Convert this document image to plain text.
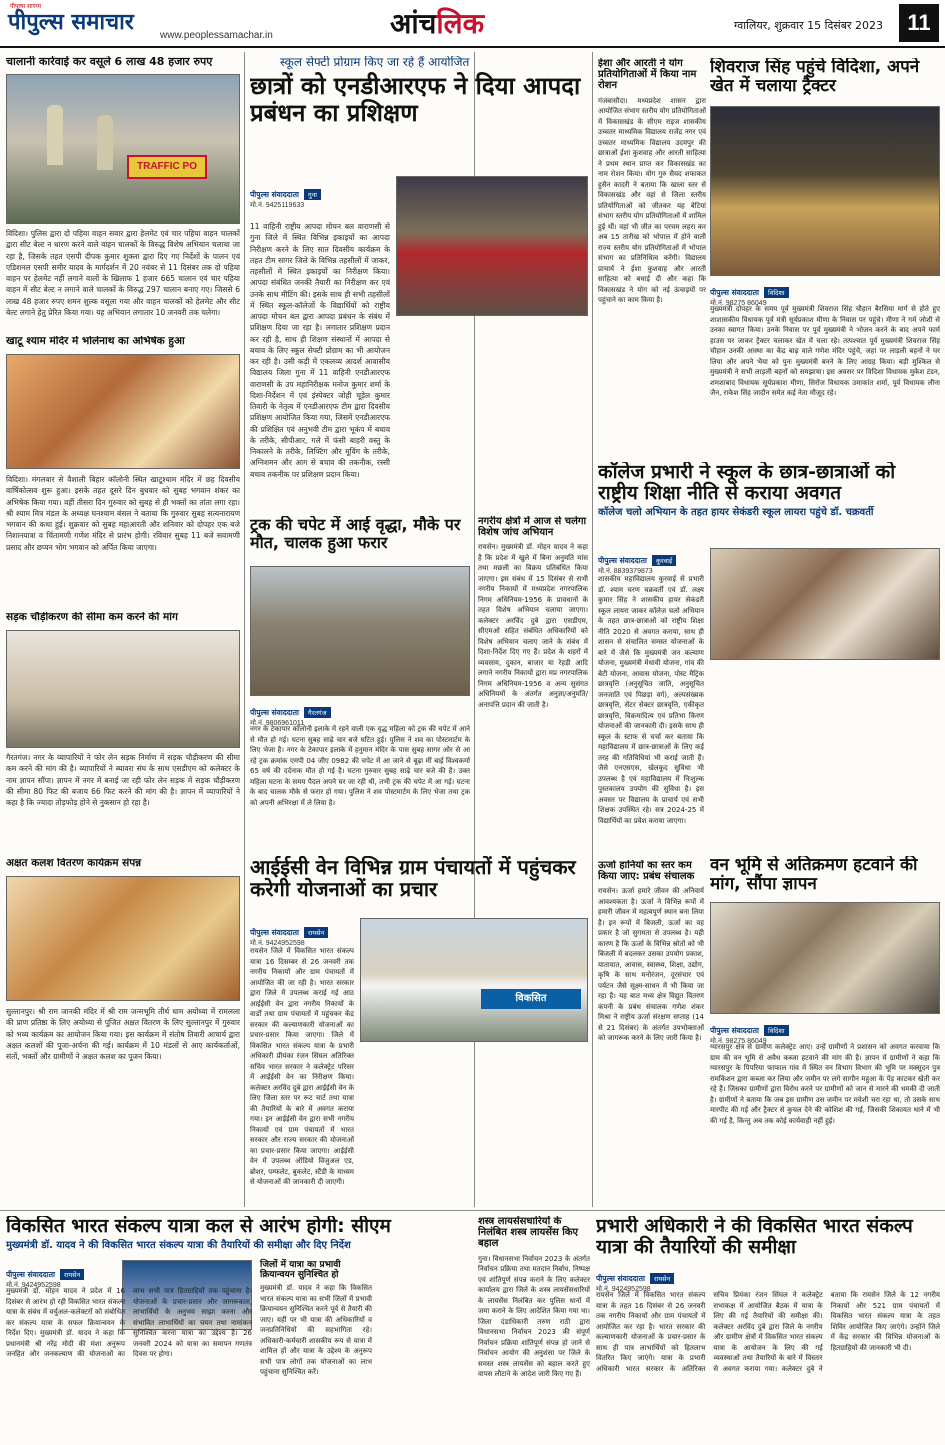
पीपुल्स सारथ्य
पीपुल्स समाचार
www.peoplessamachar.in	आंचलिक	ग्वालियर, शुक्रवार 15 दिसंबर 2023	11
चालानी कार्रवाई कर वसूले 6 लाख 48 हजार रुपए
TRAFFIC PO

विदिशा। पुलिस द्वारा दो पहिया वाहन सवार द्वारा हेलमेट एवं चार पहिया वाहन चालकों द्वारा सीट बेल्ट न धारण करने वाले वाहन चालकों के विरुद्ध विशेष अभियान चलाया जा रहा है, जिसके तहत एसपी दीपक कुमार शुक्ला द्वारा दिए गए निर्देशों के पालन एवं एडिशनल एसपी समीर यादव के मार्गदर्शन में 20 नवंबर से 11 दिसंबर तक दो पहिया वाहन पर हेलमेट नहीं लगाने वालों के खिलाफ 1 हजार 665 चालान एवं चार पहिया वाहन में सीट बेल्ट न लगाने वाले चालकों के विरुद्ध 297 चालान बनाए गए। जिससे 6 लाख 48 हजार रुपए शमन शुल्क वसूला गया और वाहन चालकों को हेलमेट और सीट बेल्ट लगाने हेतु प्रेरित किया गया। यह अभियान लगातार 10 जनवरी तक चलेगा।

खाटू श्याम मंदिर में भोलेनाथ का अभिषेक हुआ

विदिशा। मंगलवार से वैशाली बिहार कॉलोनी स्थित खाटूश्याम मंदिर में छह दिवसीय वार्षिकोत्सव शुरू हुआ। इसके तहत दूसरे दिन बुधवार को सुबह भगवान शंकर का अभिषेक किया गया। वहीं तीसरा दिन गुरुवार को सुबह से ही भक्तों का तांता लगा रहा। श्री श्याम मित्र मंडल के अध्यक्ष घनश्याम बंसल ने बताया कि गुरुवार सुबह सत्यनारायण भगवान की कथा हुई। शुक्रवार को सुबह महाआरती और शनिवार को दोपहर एक बजे निशानयात्रा व चिंतामणी गणेश मंदिर से प्रारंभ होगी। रविवार सुबह 11 बजे सवामणी प्रसाद और छप्पन भोग भगवान को अर्पित किया जाएगा।

सड़क चौड़ीकरण की सीमा कम करने की मांग

गैरतगंज। नगर के व्यापारियों ने फोर लेन सड़क निर्माण में सड़क चौड़ीकरण की सीमा कम करने की मांग की है। व्यापारियों ने ब्यावरा संघ के साथ एसडीएम को कलेक्टर के नाम ज्ञापन सौंपा। ज्ञापन में नगर में बनाई जा रही फोर लेन सड़क में सड़क चौड़ीकरण की सीमा 80 फिट की बजाय 66 फिट करने की मांग की है। ज्ञापन में व्यापारियों ने कहा है कि ज्यादा तोड़फोड़ होने से नुकसान हो रहा है।

अक्षत कलश वितरण कार्यक्रम संपन्न

सुल्तानपुर। श्री राम जानकी मंदिर में श्री राम जन्मभूमि तीर्थ धाम अयोध्या में रामलला की प्राण प्रतिष्ठा के लिए अयोध्या से पूजित अक्षत वितरण के लिए सुल्तानपुर में गुरुवार को भव्य कार्यक्रम का आयोजन किया गया। इस कार्यक्रम में संतोष तिवारी आचार्य द्वारा अक्षत कलशों की पूजा-अर्चना की गई। कार्यक्रम में 10 मंडलों से आए कार्यकर्ताओं, संतों, भक्तों और ग्रामीणों ने अक्षत कलश का पूजन किया।

स्कूल सेफ्टी प्रोग्राम किए जा रहे हैं आयोजित
छात्रों को एनडीआरएफ ने दिया आपदा प्रबंधन का प्रशिक्षण
पीपुल्स संवाददाता गुना
मो.नं. 9425119633

11 वाहिनी राष्ट्रीय आपदा मोचन बल वाराणसी से गुना जिले में स्थित विभिन्न इकाइयों का आपदा निरीक्षण करने के लिए सात दिवसीय कार्यक्रम के तहत टीम सागर जिले के विभिन्न तहसीलों में जाकर, तहसीलों में स्थित इकाइयों का निरीक्षण किया। आपदा संबंधित जनकी तैयारी का निरीक्षण कर एवं उनके साथ मीटिंग की। इसके साथ ही सभी तहसीलों में स्थित स्कूल-कॉलेजों के विद्यार्थियों को राष्ट्रीय आपदा मोचन बल द्वारा आपदा प्रबंधन के संबंध में प्रशिक्षण दिया जा रहा है। लगातार प्रशिक्षण प्रदान कर रही है, साथ ही शिक्षण संस्थानों में आपदा से बचाव के लिए स्कूल सेफ्टी प्रोग्राम का भी आयोजन कर रही है। उसी कड़ी में एकलव्य आदर्श आवासीय विद्यालय जिला गुना में 11 वाहिनी एनडीआरएफ वाराणसी के उप महानिरीक्षक मनोज कुमार शर्मा के दिशा-निर्देशन में एवं इंस्पेक्टर जोही चूड़ेल कुमार तिवारी के नेतृत्व में एनडीआरएफ टीम द्वारा दिवसीय प्रशिक्षण आयोजित किया गया, जिसमें एनडीआरएफ की प्रशिक्षित एवं अनुभवी टीम द्वारा भूकंप में बचाव के तरीके, सीपीआर, गले में फंसी बाहरी वस्तु के निकालने के तरीके, लिफ्टिंग और मूविंग के तरीके, अग्निशमन और आग से बचाव की तकनीक, रस्सी बचाव तकनीक पर प्रशिक्षण प्रदान किया।

ईशा और आरती ने योग प्रतियोगिताओं में किया नाम रोशन

गंजबासौदा। मध्यप्रदेश शासन द्वारा आयोजित संभाग स्तरीय योग प्रतियोगिताओं में विकासखंड के सीएम राइज शासकीय उच्चतर माध्यमिक विद्यालय राजेंद्र नगर एवं उच्चतर माध्यमिक विद्यालय उदयपुर की छात्राओं ईशा कुशवाह और आरती साहित्या ने प्रथम स्थान प्राप्त कर विकासखंड का नाम रोशन किया। योग गुरु सैयद शफाकत हुसैन कादरी ने बताया कि खाला स्तर से विकासखंड और वहां से जिला स्तरीय प्रतियोगिताओं को जीतकर यह बेटियां संभाग स्तरीय योग प्रतियोगिताओं में शामिल हुई थीं। वहां भी जीत का परचम लहरा कर अब 15 तारीख को भोपाल में होने वाली राज्य स्तरीय योग प्रतियोगिताओं में भोपाल संभाग का प्रतिनिधित्व करेंगी। विद्यालय प्राचार्य ने ईशा कुशवाह और आरती साहित्या को बधाई दी और कहा कि विकासखंड ने योग को नई ऊंचाइयों पर पहुंचाने का काम किया है।

शिवराज सिंह पहुंचे विदिशा, अपने खेत में चलाया ट्रैक्टर
पीपुल्स संवाददाता विदिशा
मो.नं. 98275 86049

मुख्यमंत्री दोपहर के समय पूर्व मुख्यमंत्री शिवराज सिंह चौहान बैरसिया मार्ग से होते हुए शाशासकीय विधायक पूर्व मंत्री सूर्यप्रकाश मीणा के निवास पर पहुंचे। मीणा ने गर्म जोशी से उनका स्वागत किया। उनके निवास पर पूर्व मुख्यमंत्री ने भोजन करने के बाद अपने फार्म हाउस पर जाकर ट्रैक्टर चलाकर खेत में चला रहे। तत्पश्चात पूर्व मुख्यमंत्री शिवराज सिंह चौहान उनकी आस्था का केंद्र बाढ़ वाले गणेश मंदिर पहुंचे, जहां पर लाड़ली बहनों ने घर लिया और अपने भैया को पुनः मुख्यमंत्री बनने के लिए आग्रह किया। बड़ी मुश्किल से मुख्यमंत्री ने सभी लाड़ली बहनों को समझाया। इस अवसर पर विदिशा विधायक मुकेश टंडन, शमशाबाद विधायक सूर्यप्रकाश मीणा, सिरोंज विधायक उमाकांत शर्मा, पूर्व विधायक लीना जैन, राकेश सिंह जादौन समेत कई नेता मौजूद रहे।

ट्रक की चपेट में आई वृद्धा, मौके पर मौत, चालक हुआ फरार
पीपुल्स संवाददाता गैरतगंज
मो.नं. 9806961011

नगर के टेकापार कॉलोनी इलाके में रहने वाली एक वृद्ध महिला को ट्रक की चपेट में आने से मौत हो गई। घटना सुबह साढ़े चार बजे घटित हुई। पुलिस ने शव का पोस्टमार्टम के लिए भेजा है। नगर के टेकापार इलाके में हनुमान मंदिर के पास सुबह सागर ओर से आ रहे ट्रक क्रमांक एमपी 04 जीए 0982 की चपेट में आ जाने से बूढ़ा मीं बाई विश्वकर्मा 65 वर्ष की दर्दनाक मौत हो गई है। घटना गुरुवार सुबह साढ़े चार बजे की है। उक्त महिला घटना के समय पैदल अपने घर जा रही थी, तभी ट्रक की चपेट में आ गई। घटना के बाद चालक मौके से फरार हो गया। पुलिस ने शव पोस्टमार्टम के लिए भेजा तथा ट्रक को अपनी अभिरक्षा में ले लिया है।

नगरीय क्षेत्रों में आज से चलेगा विशेष जांच अभियान

रायसेन। मुख्यमंत्री डॉ. मोहन यादव ने कहा है कि प्रदेश में खुले में बिना अनुमति मांस तथा मछली का विक्रय प्रतिबंधित किया जाएगा। इस संबंध में 15 दिसंबर से सभी नगरीय निकायों में मध्यप्रदेश नगरपालिक निगम अधिनियम-1956 के प्रावधानों के तहत विशेष अभियान चलाया जाएगा। कलेक्टर अरविंद दुबे द्वारा एसडीएम, सीएमओ सहित संबंधित अधिकारियों को विशेष अभियान चलाए जाने के संबंध में दिशा-निर्देश दिए गए हैं। प्रदेश के शहरों में व्यवसाय, दुकान, बाजार या रेहड़ी आदि लगाने नगरीय निकायों द्वारा मप्र नगरपालिक निगम अधिनियम-1956 व अन्य सुसंगत अधिनियमों के अंतर्गत अनुज्ञा/अनुमति/ अनापत्ति प्रदान की जाती है।

कॉलेज प्रभारी ने स्कूल के छात्र-छात्राओं को राष्ट्रीय शिक्षा नीति से कराया अवगत
कॉलेज चलो अभियान के तहत हायर सेकंडरी स्कूल लायरा पहुंचे डॉ. चक्रवर्ती
पीपुल्स संवाददाता कुरवाई
मो.नं. 8839379873

शासकीय महाविद्यालय कुरवाई से प्रभारी डॉ. श्याम चरण चक्रवर्ती एवं डॉ. लक्ष्य कुमार सिंह ने शासकीय हायर सेकंडरी स्कूल लायरा जाकर कॉलेज चलो अभियान के तहत छात्र-छात्राओं को राष्ट्रीय शिक्षा नीति 2020 से अवगत कराया, साथ ही शासन से संचालित समस्त योजनाओं के बारे में जैसे कि मुख्यमंत्री जन कल्याण योजना, मुख्यमंत्री मेधावी योजना, गांव की बेटी योजना, आवास योजना, पोस्ट मैट्रिक छात्रवृत्ति (अनुसूचित जाति, अनुसूचित जनजाति एवं पिछड़ा वर्ग), अल्पसंख्यक छात्रवृत्ति, सेंटर सेक्टर छात्रवृत्ति, एकीकृत छात्रवृत्ति, विक्रमादित्य एवं प्रतिभा किरण योजनाओं की जानकारी दी। इसके साथ ही स्कूल के स्टाफ से चर्चा कर बताया कि महाविद्यालय में छात्र-छात्राओं के लिए कई तरह की गतिविधियां भी कराई जाती हैं। जैसे एनएसएस, खेलकूद सुविधा भी उपलब्ध है एवं महाविद्यालय में निःशुल्क पुस्तकालय उपयोग की सुविधा है। इस अवसर पर विद्यालय के प्राचार्य एवं सभी शिक्षक उपस्थित रहे। सत्र 2024-25 में विद्यार्थियों का प्रवेश कराया जाएगा।

आईईसी वेन विभिन्न ग्राम पंचायतों में पहुंचकर करेगी योजनाओं का प्रचार
पीपुल्स संवाददाता रायसेन
मो.नं. 9424952598
विकसित

रायसेन जिले में विकसित भारत संकल्प यात्रा 16 दिसम्बर से 26 जनवरी तक नगरीय निकायों और ग्राम पंचायतों में आयोजित की जा रही है। भारत सरकार द्वारा जिले में उपलब्ध कराई गई आठ आईईसी वेन द्वारा नगरीय निकायों के वार्डों तथा ग्राम पंचायतों में पहुंचकर केंद्र सरकार की कल्याणकारी योजनाओं का प्रचार-प्रसार किया जाएगा। जिले में विकसित भारत संकल्प यात्रा के प्रभारी अधिकारी प्रीयंका रंजन सिंघल अतिरिक्त सचिव भारत सरकार ने कलेक्ट्रेट परिसर में आईईसी वेन का निरीक्षण किया। कलेक्टर अरविंद दुबे द्वारा आईईसी वेन के लिए जिला स्तर पर रूट चार्ट तथा यात्रा की तैयारियों के बारे में अवगत कराया गया। इन आईईसी वेन द्वारा सभी नगरीय निकायों एवं ग्राम पंचायतों में भारत सरकार और राज्य सरकार की योजनाओं का प्रचार-प्रसार किया जाएगा। आईईसी वेन में उपलब्ध ऑडियो विजुअल एड, ब्रोशर, पम्फलेट, बुकलेट, स्टैंडी के माध्यम से योजनाओं की जानकारी दी जाएगी।

ऊर्जा हानियों का स्तर कम किया जाए: प्रबंध संचालक

रायसेन। ऊर्जा हमारे जीवन की अनिवार्य आवश्यकता है। ऊर्जा ने विभिन्न रूपों में हमारी जीवन में महत्वपूर्ण स्थान बना लिया है। इन रूपों में बिजली, ऊर्जा का वह प्रकार है जो सुगमता से उपलब्ध है। यही कारण है कि ऊर्जा के विभिन्न स्रोतों को भी बिजली में बदलकर उसका उपयोग प्रकाश, यातायात, आवास, स्वास्थ्य, शिक्षा, उद्योग, कृषि के साथ मनोरंजन, दूरसंचार एवं पर्यटन जैसे सूक्ष्म-साधन में भी किया जा रहा है। यह बात मध्य क्षेत्र विद्युत वितरण कंपनी के प्रबंध संचालक गणेश शंकर मिश्रा ने राष्ट्रीय ऊर्जा संरक्षण सप्ताह (14 से 21 दिसंबर) के अंतर्गत उपभोक्ताओं को जागरूक करने के लिए जारी किया है।

वन भूमि से अतिक्रमण हटवाने की मांग, सौंपा ज्ञापन
पीपुल्स संवाददाता विदिशा
मो.नं. 98275 86049

ग्यारसपुर क्षेत्र से ग्रामीण कलेक्ट्रेट आए। उन्हें ग्रामीणों ने प्रशासन को अवगत करवाया कि ग्राम की वन भूमि से अवैध कब्जा हटवाने की मांग की है। ज्ञापन में ग्रामीणों ने कहा कि ग्यारसपुर के पिपरिया फाफाल गांव में स्थित वन विभाग विभाग की भूमि पर मक्सूदन पुत्र रामकिशन द्वारा कब्जा कर लिया और जमीन पर लगे सागौन महुआ के पेड़ काटकर खेती कर रहे हैं। जिसका ग्रामीणों द्वारा विरोध करने पर ग्रामीणों को जान से मारने की धमकी दी जाती है। ग्रामीणों ने बताया कि जब इस ग्रामीण उस जमीन पर मवेशी चरा रहा था, तो उसके साथ मारपीट की गई और ट्रैक्टर से कुचल देने की कोशिश की गई, जिसकी शिकायत थाने में भी की गई है, किन्तु अब तक कोई कार्यवाही नहीं हुई।

विकसित भारत संकल्प यात्रा कल से आरंभ होगी: सीएम
मुख्यमंत्री डॉ. यादव ने की विकसित भारत संकल्प यात्रा की तैयारियों की समीक्षा और दिए निर्देश
पीपुल्स संवाददाता रायसेन
मो.नं. 9424952598

मुख्यमंत्री डॉ. मोहन यादव ने प्रदेश में 16 दिसंबर से आरंभ हो रही विकसित भारत संकल्प यात्रा के संबंध में वर्चुअल-कलेक्टरों को संबोधित कर संकल्प यात्रा के सफल क्रियान्वयन के निर्देश दिए। मुख्यमंत्री डॉ. यादव ने कहा कि प्रधानमंत्री श्री नरेंद्र मोदी की मंशा अनुरूप जनहित और जनकल्याण की योजनाओं का लाभ सभी पात्र हितग्राहियों तक पहुंचाना है। योजनाओं के प्रचार-प्रसार और जागरूकता, लाभार्थियों के अनुभव साझा करना और संभावित लाभार्थियों का चयन तथा नामांकन सुनिश्चित करना यात्रा का उद्देश्य है। 26 जनवरी 2024 को यात्रा का समापन गणतंत्र दिवस पर होगा।

जिलों में यात्रा का प्रभावी क्रियान्वयन सुनिश्चित हो

मुख्यमंत्री डॉ. यादव ने कहा कि विकसित भारत संकल्प यात्रा का सभी जिलों में प्रभावी क्रियान्वयन सुनिश्चित करने पूर्व से तैयारी की जाए। यहीं पर भी यात्रा की अधिकारियों व जनप्रतिनिधियों की सहभागिता रहे। अधिकारी-कर्मचारी शासकीय रूप से यात्रा में शामिल हों और यात्रा के उद्देश्य के अनुरूप सभी पात्र लोगों तक योजनाओं का लाभ पहुंचाना सुनिश्चित करें।

शस्त्र लायसेंसधारियों के निलंबित शस्त्र लायसेंस किए बहाल

गुना। विधानसभा निर्वाचन 2023 के अंतर्गत निर्वाचन प्रक्रिया तथा मतदान निर्बाध, निष्पक्ष एवं शांतिपूर्ण संपन्न कराने के लिए कलेक्टर कार्यालय द्वारा जिले के शस्त्र लायसेंसधारियों के लायसेंस निलंबित कर पुलिस थानों में जमा कराने के लिए आदेशित किया गया था। जिला दंडाधिकारी तरुण राठी द्वारा विधानसभा निर्वाचन 2023 की संपूर्ण निर्वाचन प्रक्रिया शांतिपूर्ण संपन्न हो जाने से निर्वाचन आयोग की अनुशंसा पर जिले के समस्त शस्त्र लायसेंस को बहाल करते हुए वापस लौटाने के आदेश जारी किए गए हैं।

प्रभारी अधिकारी ने की विकसित भारत संकल्प यात्रा की तैयारियों की समीक्षा
पीपुल्स संवाददाता रायसेन
मो.नं. 9424952598

रायसेन जिले में विकसित भारत संकल्प यात्रा के तहत 16 दिसंबर से 26 जनवरी तक नगरीय निकायों और ग्राम पंचायतों में आयोजित कर रहा है। भारत सरकार की कल्याणकारी योजनाओं के प्रचार-प्रसार के साथ ही पात्र लाभार्थियों को हितलाभ वितरित किए जाएंगे। यात्रा के प्रभारी अधिकारी भारत सरकार के अतिरिक्त सचिव प्रियंका रंजन सिंघल ने कलेक्ट्रेट सभाकक्ष में आयोजित बैठक में यात्रा के लिए की गई तैयारियों की समीक्षा की। कलेक्टर अरविंद दुबे द्वारा जिले के नगरीय और ग्रामीण क्षेत्रों में विकसित भारत संकल्प यात्रा के आयोजन के लिए की गई व्यवस्थाओं तथा तैयारियों के बारे में विस्तार से अवगत कराया गया। कलेक्टर दुबे ने बताया कि रायसेन जिले के 12 नगरीय निकायों और 521 ग्राम पंचायतों में विकसित भारत संकल्प यात्रा के तहत शिविर आयोजित किए जाएंगे। उन्होंने जिले में केंद्र सरकार की विभिन्न योजनाओं के हितग्राहियों की जानकारी भी दी।
